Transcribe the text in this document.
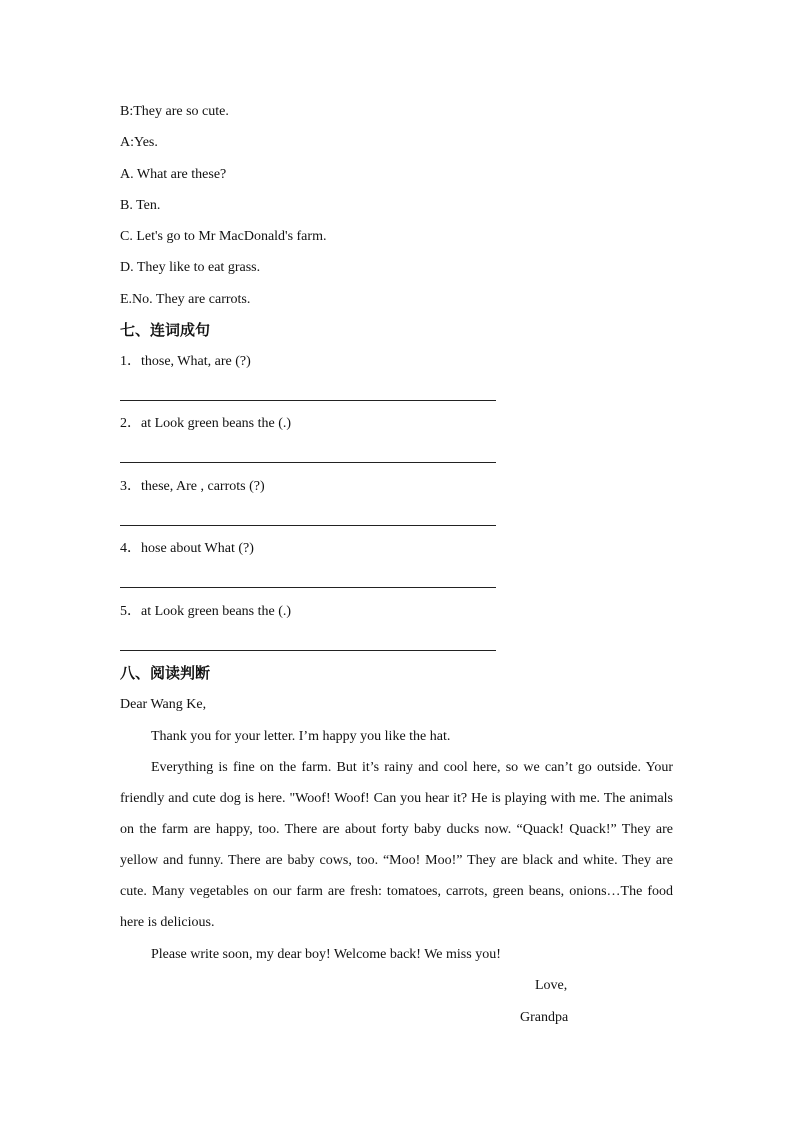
B:They are so cute.
A:Yes.
A. What are these?
B. Ten.
C. Let's go to Mr MacDonald's farm.
D. They like to eat grass.
E.No. They are carrots.
七、连词成句
1．those, What, are (?)
2．at Look green beans the (.)
3．these, Are , carrots (?)
4．hose about What (?)
5．at Look green beans the (.)
八、阅读判断
Dear Wang Ke,
Thank you for your letter. I’m happy you like the hat.
Everything is fine on the farm. But it’s rainy and cool here, so we can’t go outside. Your friendly and cute dog is here. "Woof! Woof! Can you hear it? He is playing with me. The animals on the farm are happy, too. There are about forty baby ducks now. “Quack! Quack!” They are yellow and funny. There are baby cows, too. “Moo! Moo!” They are black and white. They are cute. Many vegetables on our farm are fresh: tomatoes, carrots, green beans, onions…The food here is delicious.
Please write soon, my dear boy! Welcome back! We miss you!
Love,
Grandpa
